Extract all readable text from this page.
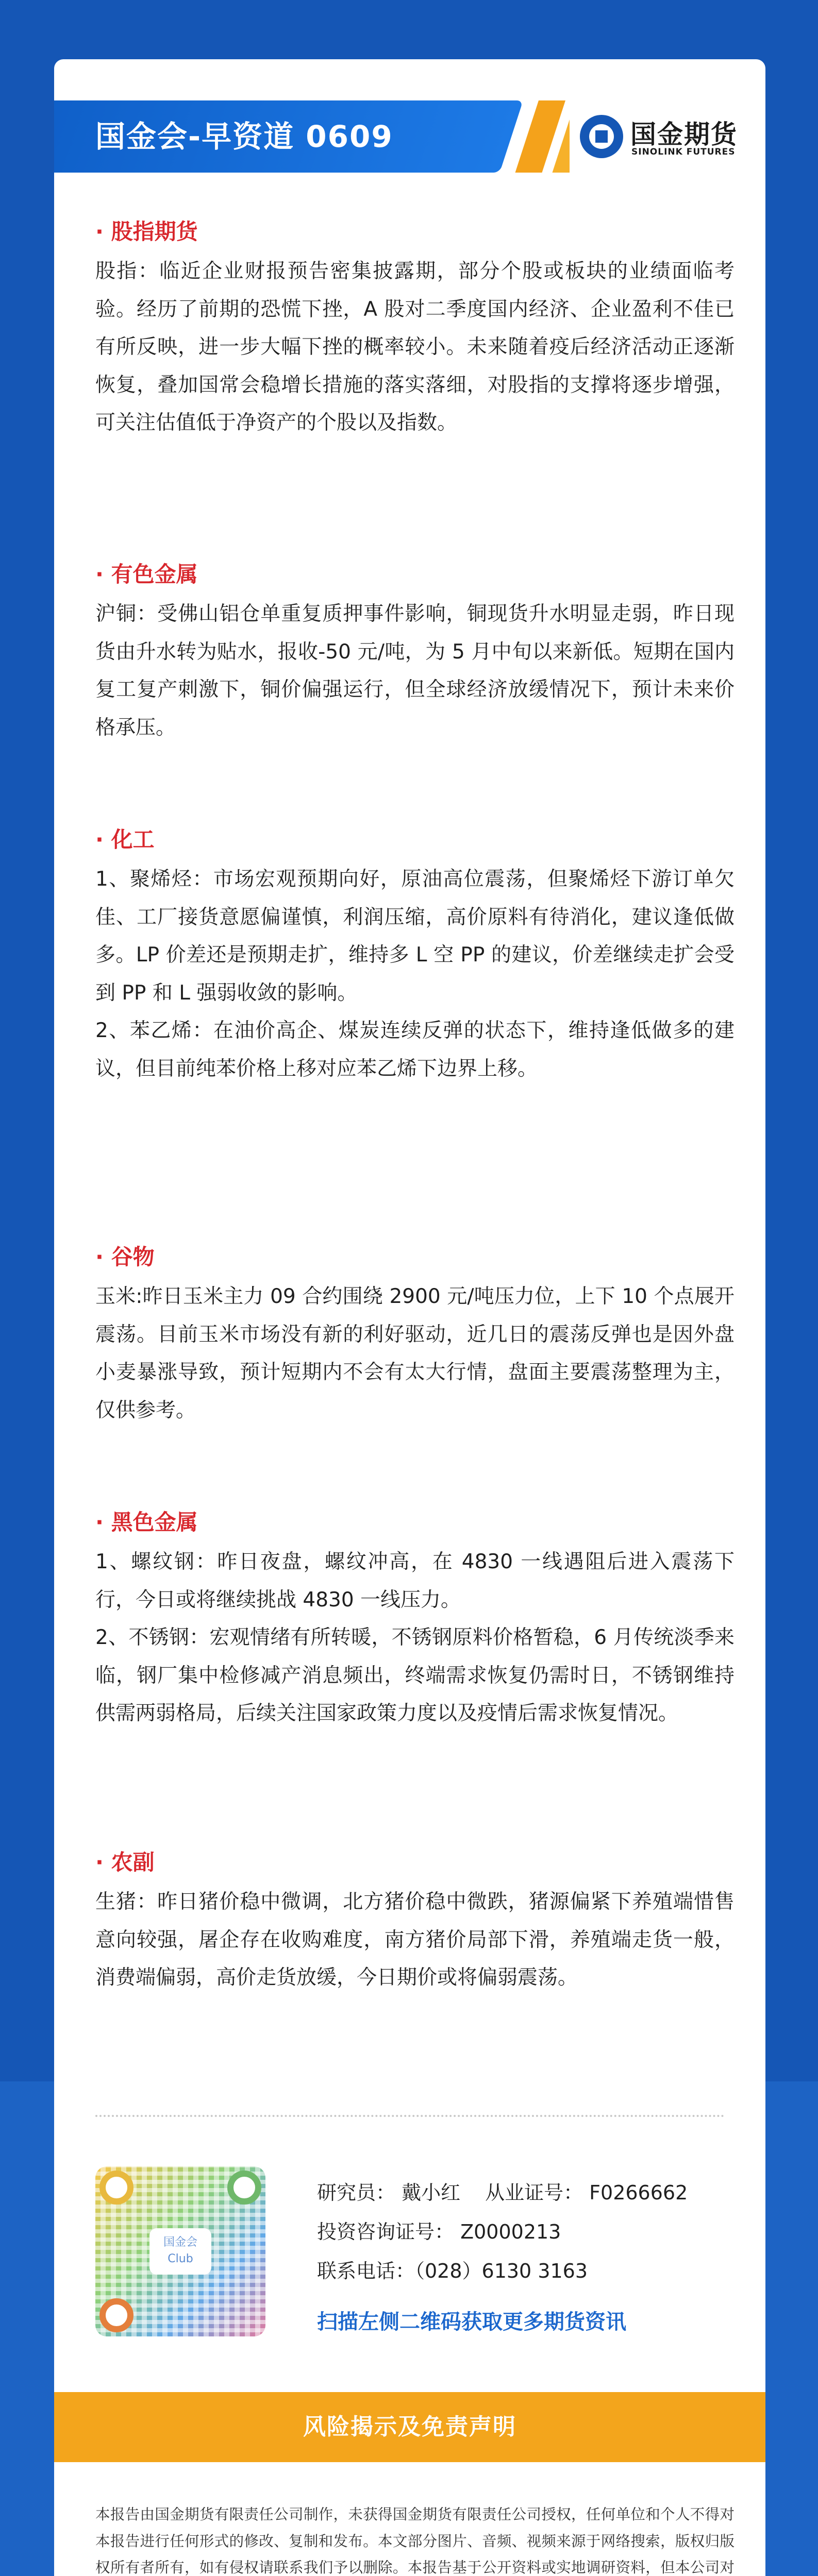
国金会-早资道 0609	国金期货
SINOLINK FUTURES
· 股指期货

股指：临近企业财报预告密集披露期，部分个股或板块的业绩面临考验。经历了前期的恐慌下挫，A 股对二季度国内经济、企业盈利不佳已有所反映，进一步大幅下挫的概率较小。未来随着疫后经济活动正逐渐恢复，叠加国常会稳增长措施的落实落细，对股指的支撑将逐步增强，可关注估值低于净资产的个股以及指数。

· 有色金属

沪铜：受佛山铝仓单重复质押事件影响，铜现货升水明显走弱，昨日现货由升水转为贴水，报收-50 元/吨，为 5 月中旬以来新低。短期在国内复工复产刺激下，铜价偏强运行，但全球经济放缓情况下，预计未来价格承压。

· 化工

1、聚烯烃：市场宏观预期向好，原油高位震荡，但聚烯烃下游订单欠佳、工厂接货意愿偏谨慎，利润压缩，高价原料有待消化，建议逢低做多。LP 价差还是预期走扩，维持多 L 空 PP 的建议，价差继续走扩会受到 PP 和 L 强弱收敛的影响。

2、苯乙烯：在油价高企、煤炭连续反弹的状态下，维持逢低做多的建议，但目前纯苯价格上移对应苯乙烯下边界上移。

· 谷物

玉米:昨日玉米主力 09 合约围绕 2900 元/吨压力位，上下 10 个点展开震荡。目前玉米市场没有新的利好驱动，近几日的震荡反弹也是因外盘小麦暴涨导致，预计短期内不会有太大行情，盘面主要震荡整理为主，仅供参考。

· 黑色金属

1、螺纹钢：昨日夜盘，螺纹冲高，在 4830 一线遇阻后进入震荡下行，今日或将继续挑战 4830 一线压力。

2、不锈钢：宏观情绪有所转暖，不锈钢原料价格暂稳，6 月传统淡季来临，钢厂集中检修减产消息频出，终端需求恢复仍需时日，不锈钢维持供需两弱格局，后续关注国家政策力度以及疫情后需求恢复情况。

· 农副

生猪：昨日猪价稳中微调，北方猪价稳中微跌，猪源偏紧下养殖端惜售意向较强，屠企存在收购难度，南方猪价局部下滑，养殖端走货一般，消费端偏弱，高价走货放缓，今日期价或将偏弱震荡。

国金会
Club
研究员： 戴小红 从业证号： F0266662
投资咨询证号： Z0000213
联系电话：（028）6130 3163
扫描左侧二维码获取更多期货资讯
风险揭示及免责声明

本报告由国金期货有限责任公司制作，未获得国金期货有限责任公司授权，任何单位和个人不得对本报告进行任何形式的修改、复制和发布。本文部分图片、音频、视频来源于网络搜索，版权归版权所有者所有，如有侵权请联系我们予以删除。本报告基于公开资料或实地调研资料，但本公司对
